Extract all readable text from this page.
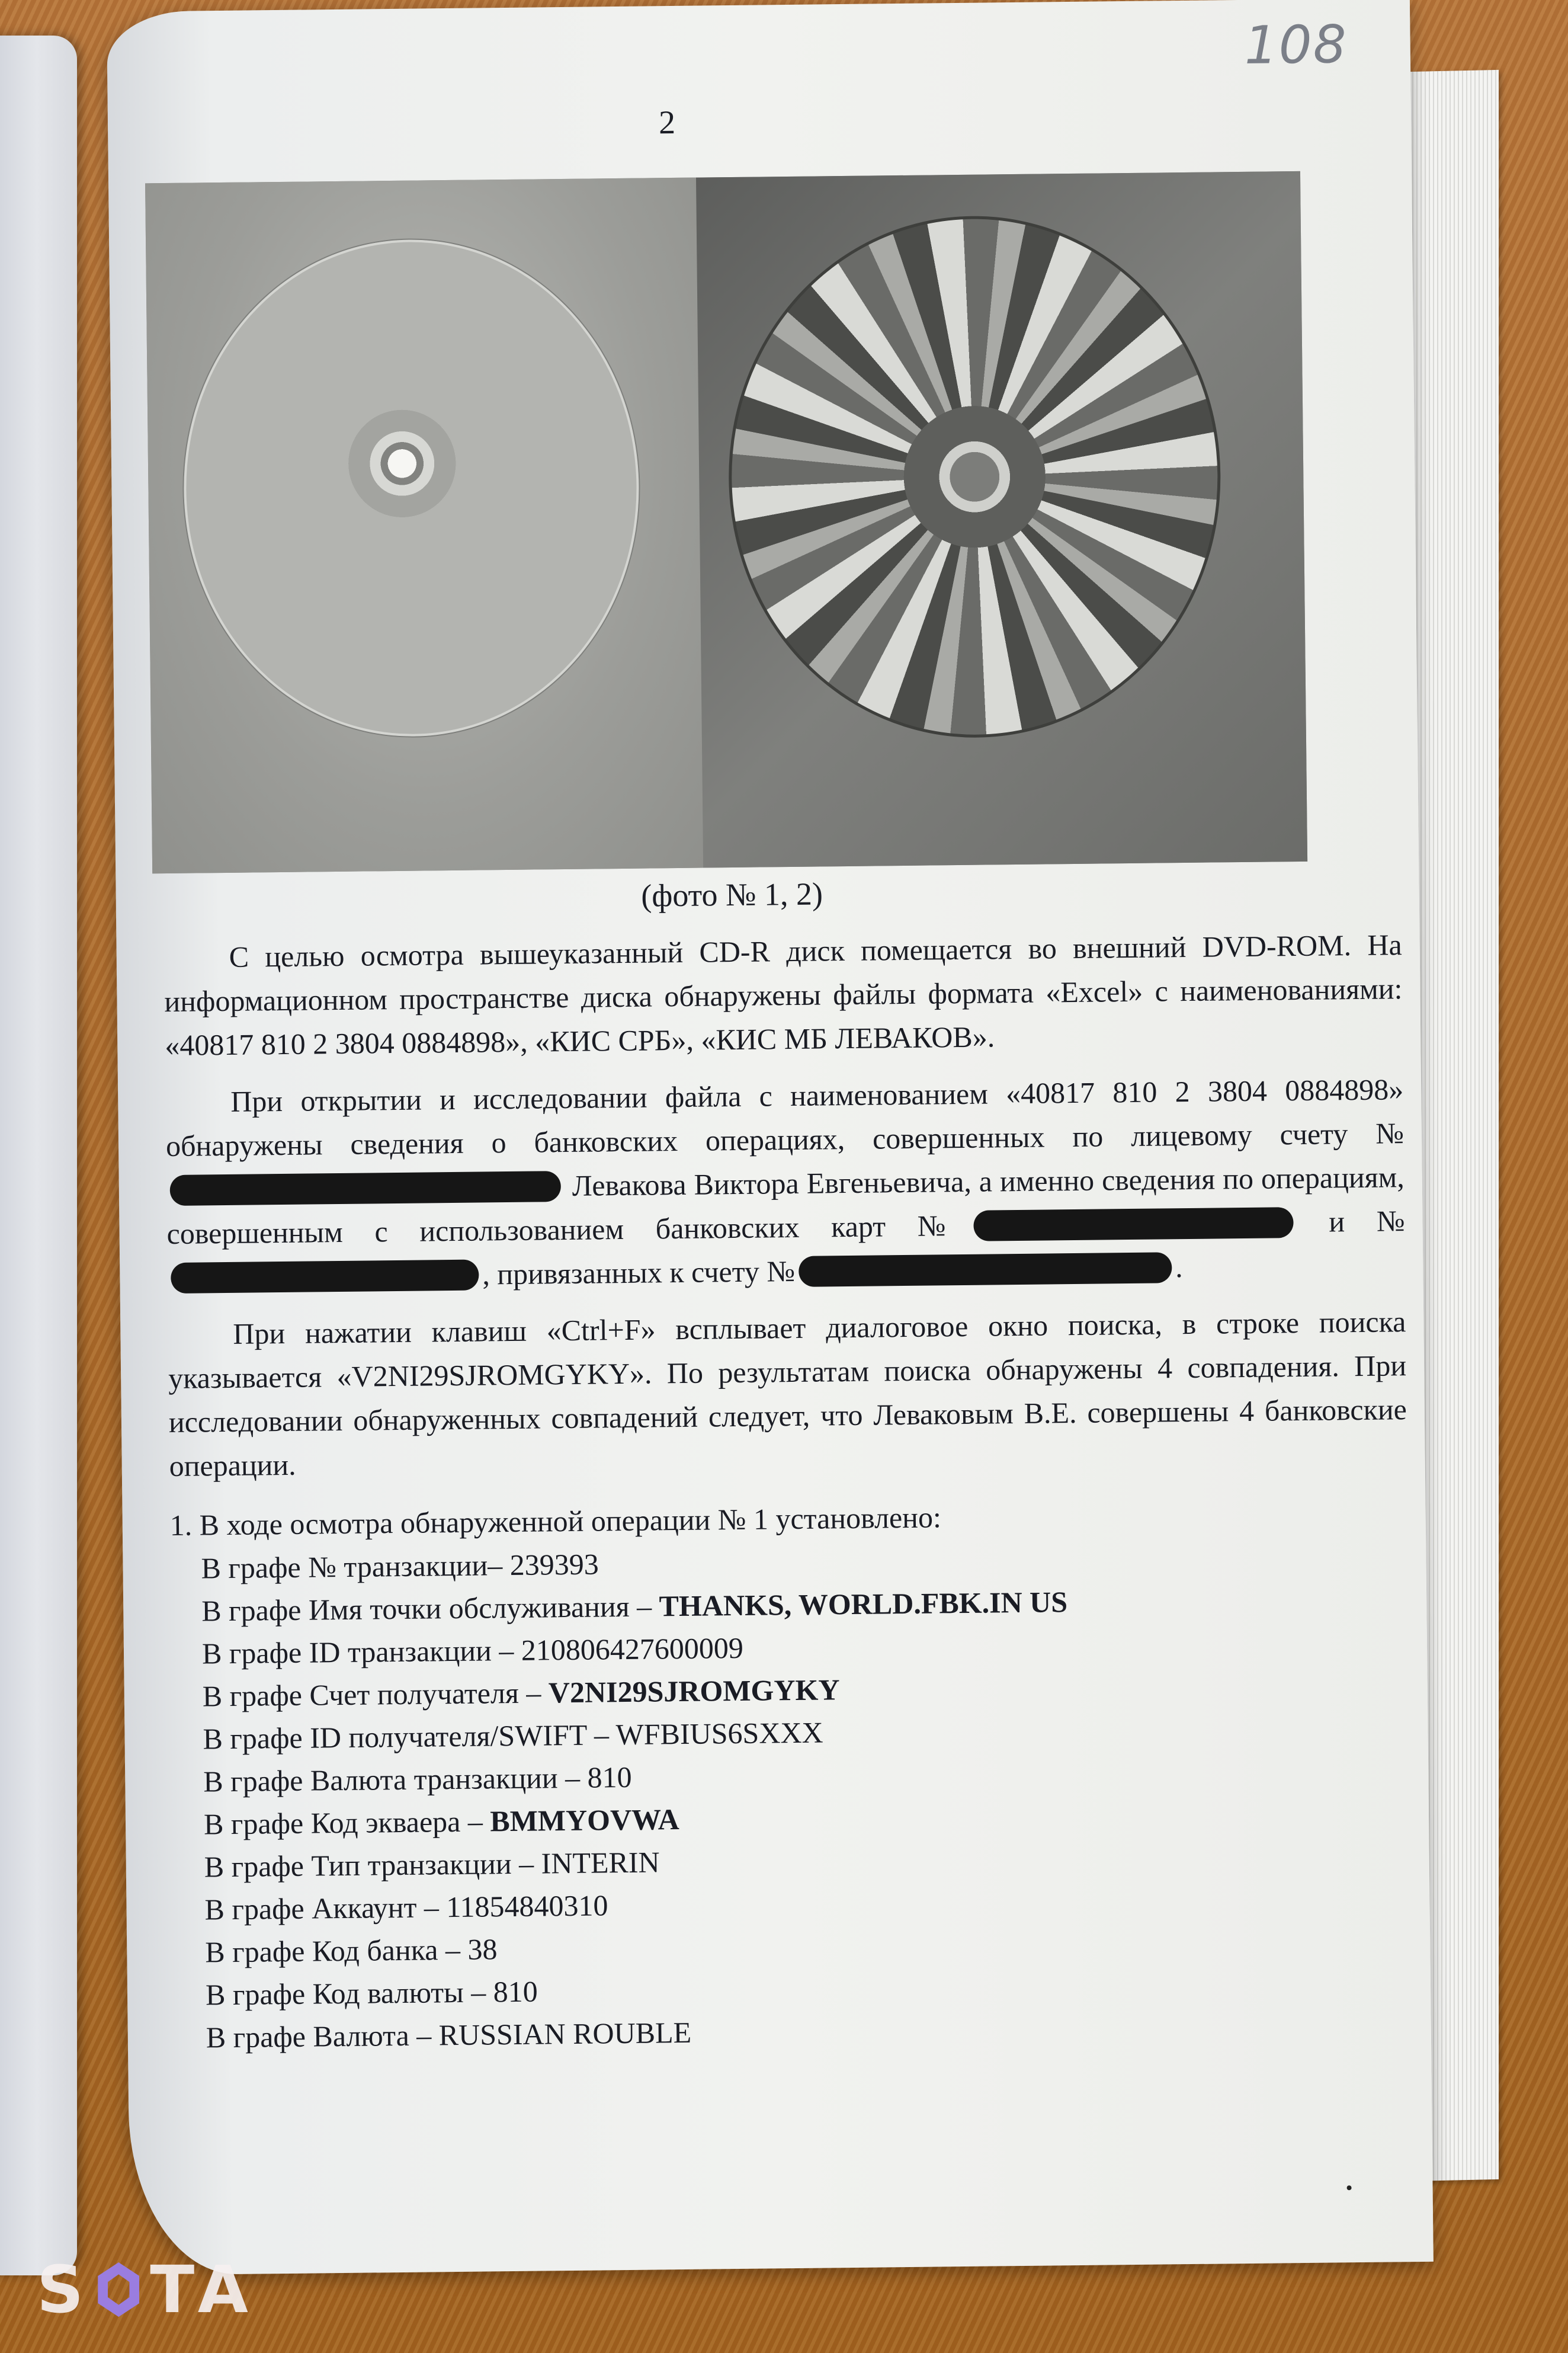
108
2
(фото № 1, 2)

С целью осмотра вышеуказанный CD-R диск помещается во внешний DVD-ROM. На информационном пространстве диска обнаружены файлы формата «Excel» с наименованиями: «40817 810 2 3804 0884898», «КИС СРБ», «КИС МБ ЛЕВАКОВ».

При открытии и исследовании файла с наименованием «40817 810 2 3804 0884898» обнаружены сведения о банковских операциях, совершенных по лицевому счету № Левакова Виктора Евгеньевича, а именно сведения по операциям, совершенным с использованием банковских карт №	и №, привязанных к счету №	.

При нажатии клавиш «Ctrl+F» всплывает диалоговое окно поиска, в строке поиска указывается «V2NI29SJROMGYKY». По результатам поиска обнаружены 4 совпадения. При исследовании обнаруженных совпадений следует, что Леваковым В.Е. совершены 4 банковские операции.

1. В ходе осмотра обнаруженной операции № 1 установлено:

В графе № транзакции– 239393
В графе Имя точки обслуживания – THANKS, WORLD.FBK.IN US
В графе ID транзакции – 210806427600009
В графе Счет получателя – V2NI29SJROMGYKY
В графе ID получателя/SWIFT – WFBIUS6SXXX
В графе Валюта транзакции – 810
В графе Код экваера – BMMYOVWA
В графе Тип транзакции – INTERIN
В графе Аккаунт – 11854840310
В графе Код банка – 38
В графе Код валюты – 810
В графе Валюта – RUSSIAN ROUBLE
S TA
